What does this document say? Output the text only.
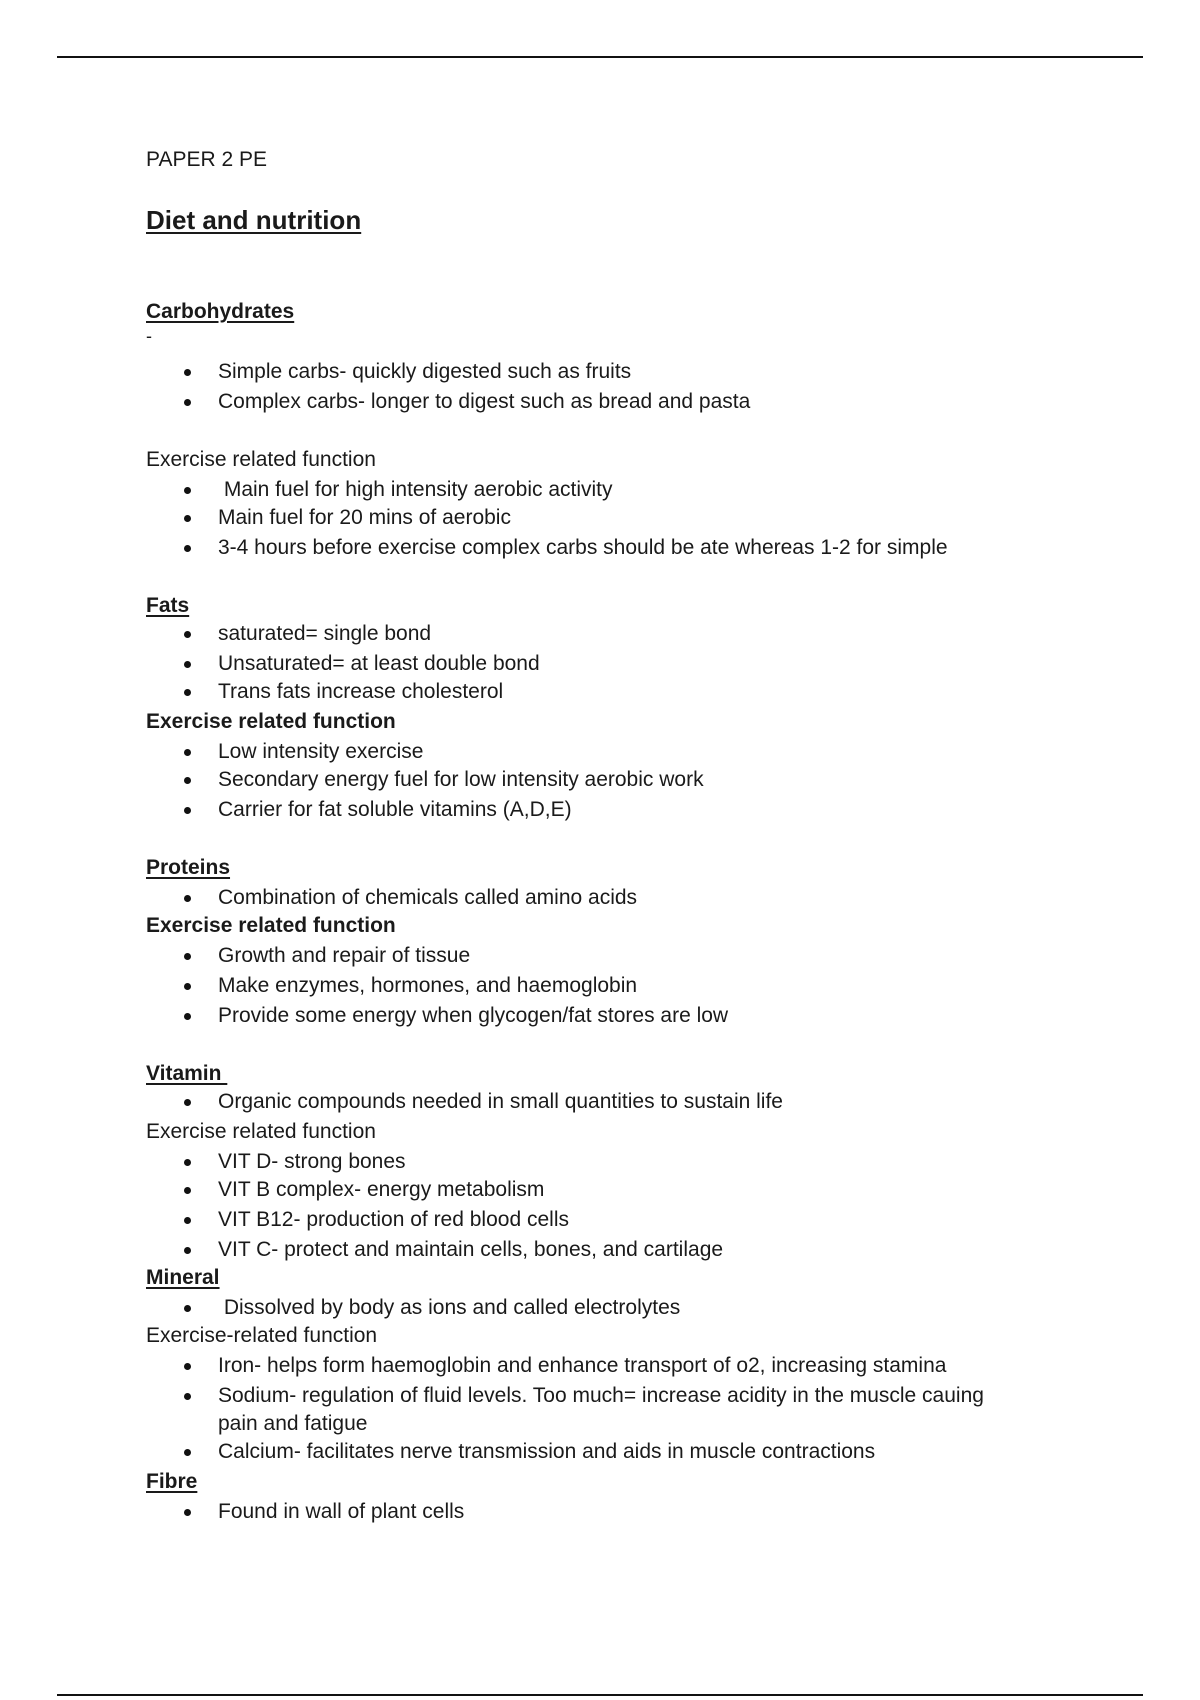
PAPER 2 PE
Diet and nutrition
Carbohydrates
-
Simple carbs- quickly digested such as fruits
Complex carbs- longer to digest such as bread and pasta
Exercise related function
Main fuel for high intensity aerobic activity
Main fuel for 20 mins of aerobic
3-4 hours before exercise complex carbs should be ate whereas 1-2 for simple
Fats
saturated= single bond
Unsaturated= at least double bond
Trans fats increase cholesterol
Exercise related function
Low intensity exercise
Secondary energy fuel for low intensity aerobic work
Carrier for fat soluble vitamins (A,D,E)
Proteins
Combination of chemicals called amino acids
Exercise related function
Growth and repair of tissue
Make enzymes, hormones, and haemoglobin
Provide some energy when glycogen/fat stores are low
Vitamin
Organic compounds needed in small quantities to sustain life
Exercise related function
VIT D- strong bones
VIT B complex- energy metabolism
VIT B12- production of red blood cells
VIT C- protect and maintain cells, bones, and cartilage
Mineral
Dissolved by body as ions and called electrolytes
Exercise-related function
Iron- helps form haemoglobin and enhance transport of o2, increasing stamina
Sodium- regulation of fluid levels. Too much= increase acidity in the muscle cauing
pain and fatigue
Calcium- facilitates nerve transmission and aids in muscle contractions
Fibre
Found in wall of plant cells
